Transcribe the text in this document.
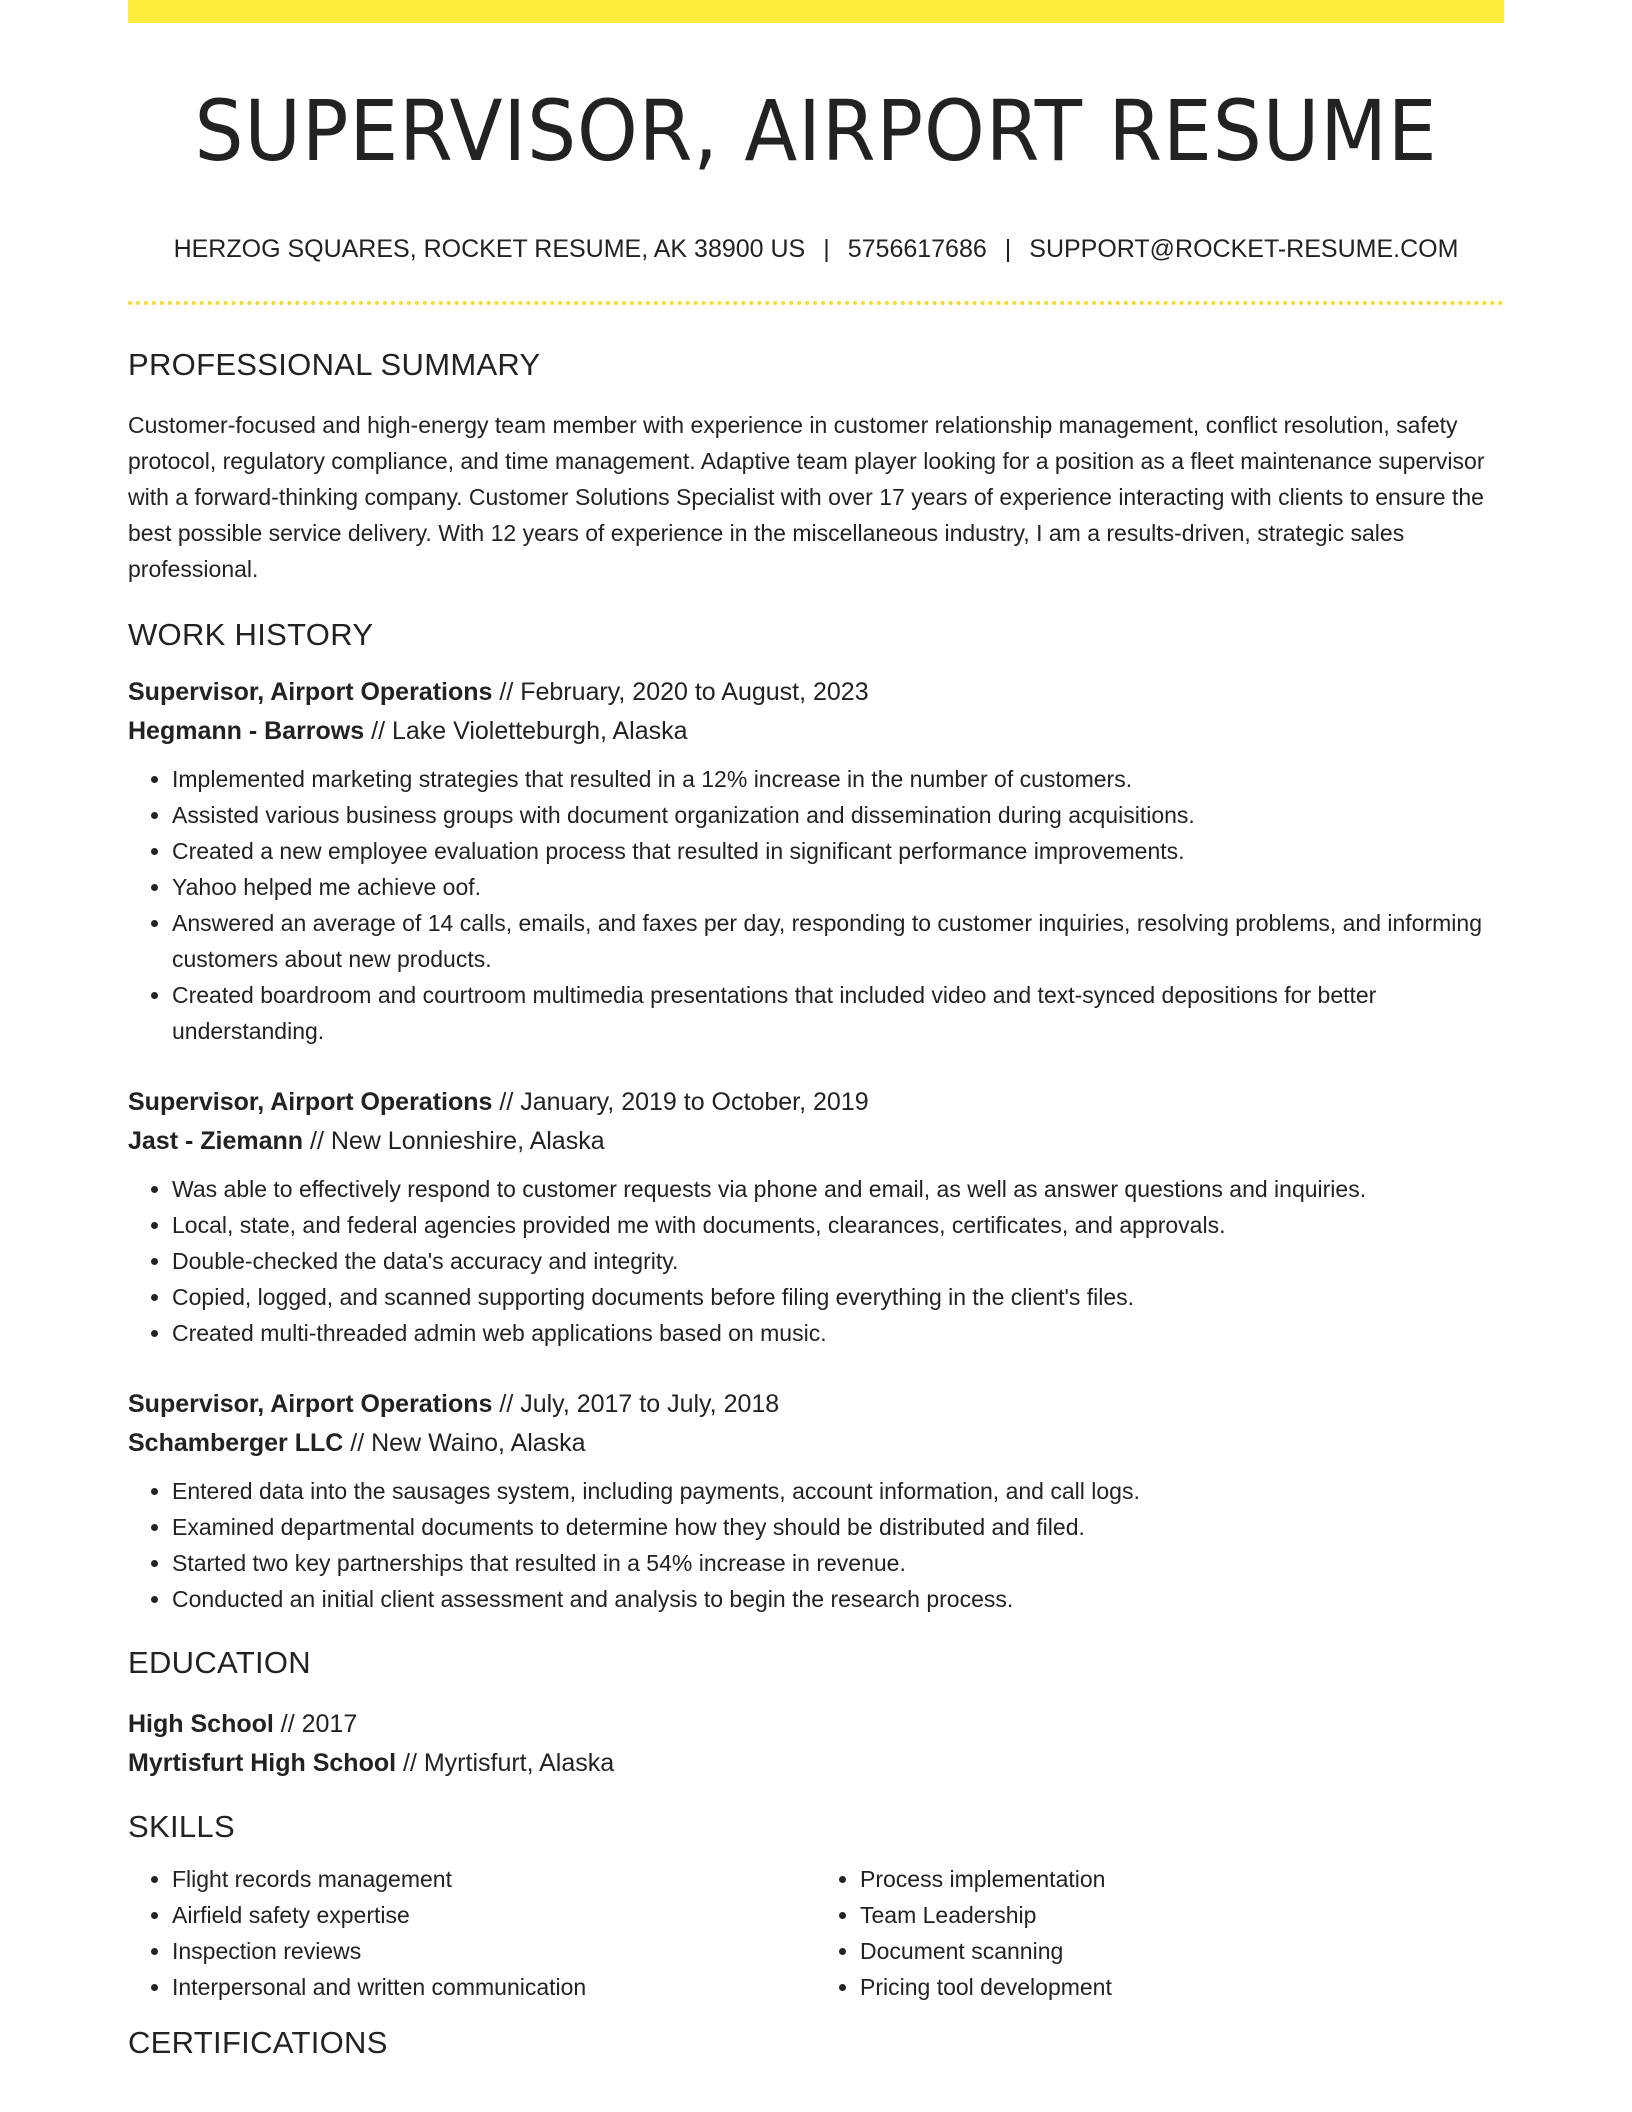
SUPERVISOR, AIRPORT RESUME
HERZOG SQUARES, ROCKET RESUME, AK 38900 US | 5756617686 | SUPPORT@ROCKET-RESUME.COM
PROFESSIONAL SUMMARY

Customer-focused and high-energy team member with experience in customer relationship management, conflict resolution, safety protocol, regulatory compliance, and time management. Adaptive team player looking for a position as a fleet maintenance supervisor with a forward-thinking company. Customer Solutions Specialist with over 17 years of experience interacting with clients to ensure the best possible service delivery. With 12 years of experience in the miscellaneous industry, I am a results-driven, strategic sales professional.

WORK HISTORY
Supervisor, Airport Operations // February, 2020 to August, 2023
Hegmann - Barrows // Lake Violetteburgh, Alaska
• Implemented marketing strategies that resulted in a 12% increase in the number of customers.
• Assisted various business groups with document organization and dissemination during acquisitions.
• Created a new employee evaluation process that resulted in significant performance improvements.
• Yahoo helped me achieve oof.
• Answered an average of 14 calls, emails, and faxes per day, responding to customer inquiries, resolving problems, and informing customers about new products.
• Created boardroom and courtroom multimedia presentations that included video and text-synced depositions for better understanding.
Supervisor, Airport Operations // January, 2019 to October, 2019
Jast - Ziemann // New Lonnieshire, Alaska
• Was able to effectively respond to customer requests via phone and email, as well as answer questions and inquiries.
• Local, state, and federal agencies provided me with documents, clearances, certificates, and approvals.
• Double-checked the data's accuracy and integrity.
• Copied, logged, and scanned supporting documents before filing everything in the client's files.
• Created multi-threaded admin web applications based on music.
Supervisor, Airport Operations // July, 2017 to July, 2018
Schamberger LLC // New Waino, Alaska
• Entered data into the sausages system, including payments, account information, and call logs.
• Examined departmental documents to determine how they should be distributed and filed.
• Started two key partnerships that resulted in a 54% increase in revenue.
• Conducted an initial client assessment and analysis to begin the research process.
EDUCATION
High School // 2017
Myrtisfurt High School // Myrtisfurt, Alaska
SKILLS
• Flight records management
• Airfield safety expertise
• Inspection reviews
• Interpersonal and written communication
• Process implementation
• Team Leadership
• Document scanning
• Pricing tool development
CERTIFICATIONS
